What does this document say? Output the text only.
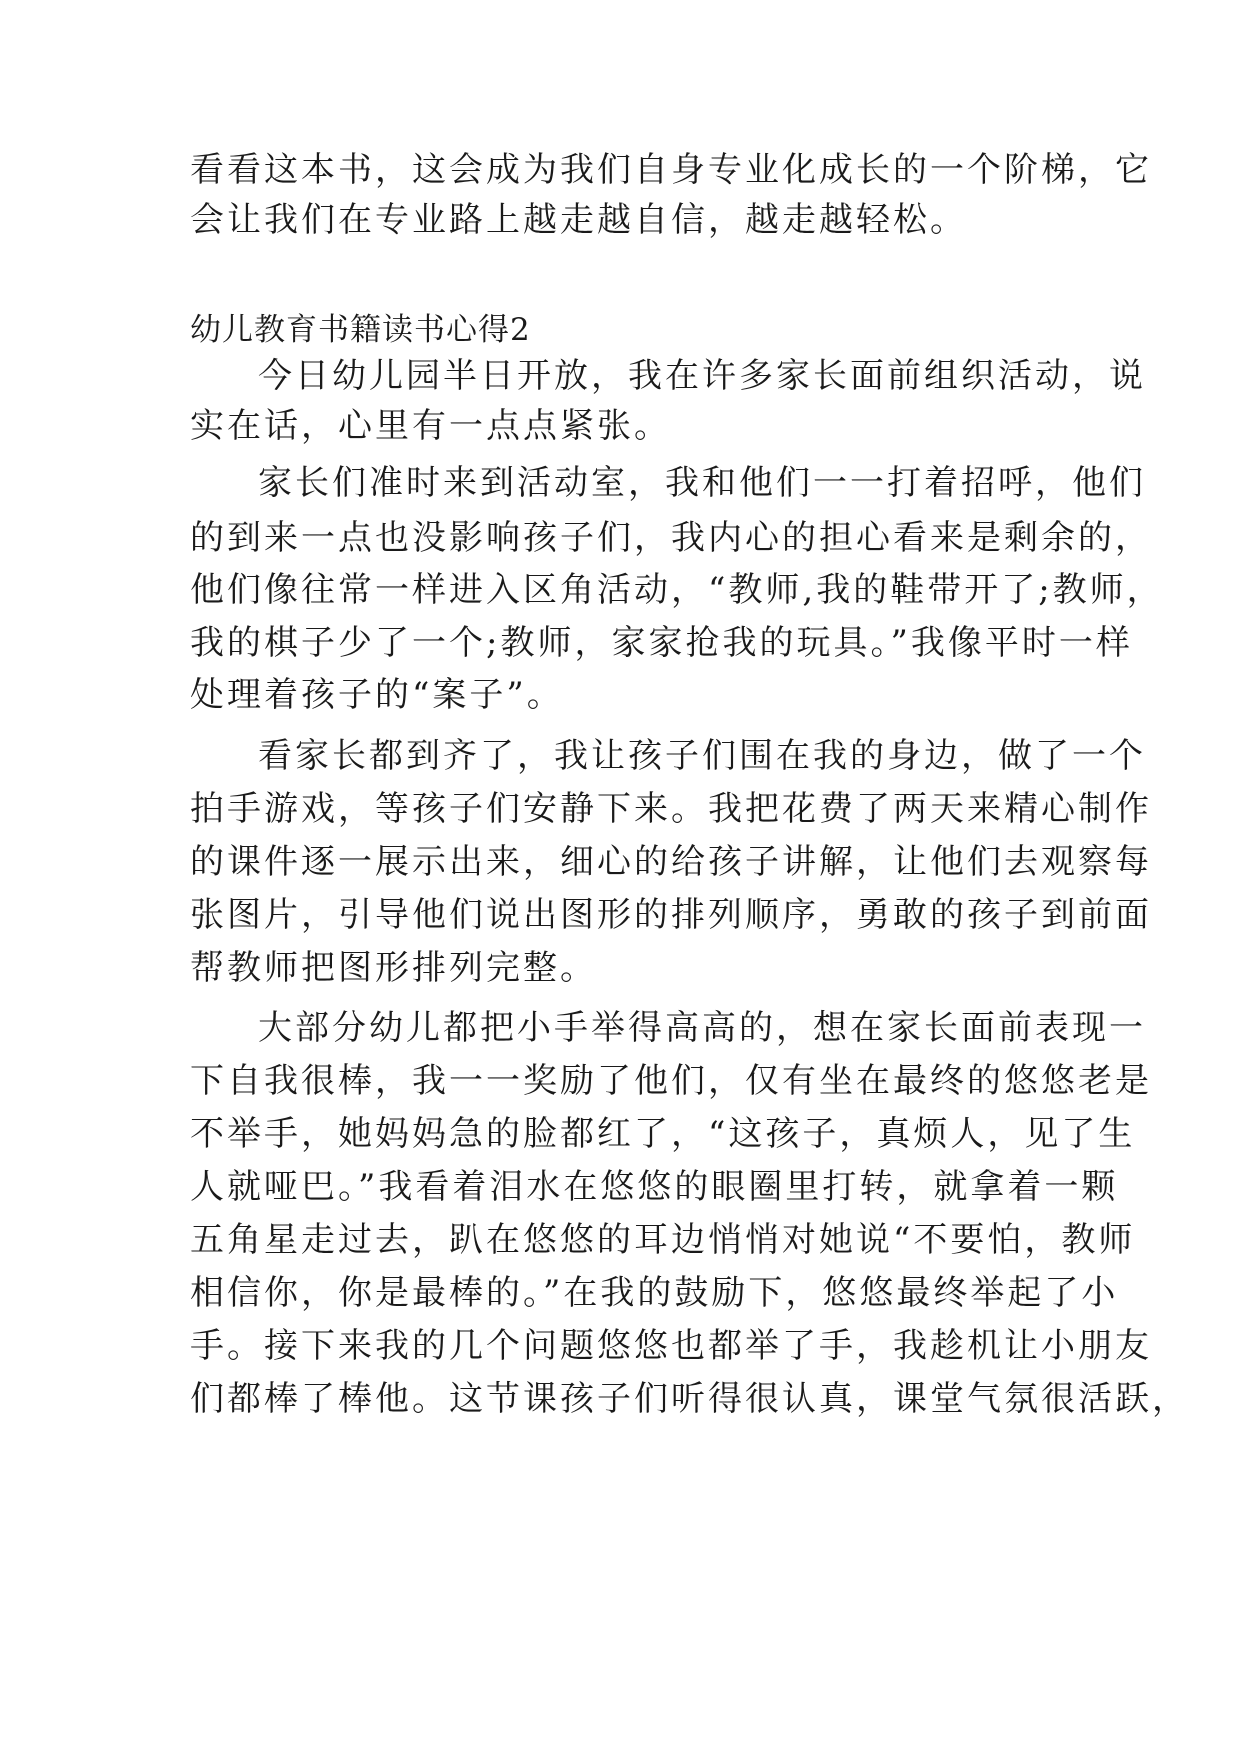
看看这本书，这会成为我们自身专业化成长的一个阶梯，它

会让我们在专业路上越走越自信，越走越轻松。

幼儿教育书籍读书心得2

今日幼儿园半日开放，我在许多家长面前组织活动，说

实在话，心里有一点点紧张。

家长们准时来到活动室，我和他们一一打着招呼，他们

的到来一点也没影响孩子们，我内心的担心看来是剩余的，

他们像往常一样进入区角活动，“教师,我的鞋带开了;教师，

我的棋子少了一个;教师，家家抢我的玩具。”我像平时一样

处理着孩子的“案子”。

看家长都到齐了，我让孩子们围在我的身边，做了一个

拍手游戏，等孩子们安静下来。我把花费了两天来精心制作

的课件逐一展示出来，细心的给孩子讲解，让他们去观察每

张图片，引导他们说出图形的排列顺序，勇敢的孩子到前面

帮教师把图形排列完整。

大部分幼儿都把小手举得高高的，想在家长面前表现一

下自我很棒，我一一奖励了他们，仅有坐在最终的悠悠老是

不举手，她妈妈急的脸都红了，“这孩子，真烦人，见了生

人就哑巴。”我看着泪水在悠悠的眼圈里打转，就拿着一颗

五角星走过去，趴在悠悠的耳边悄悄对她说“不要怕，教师

相信你，你是最棒的。”在我的鼓励下，悠悠最终举起了小

手。接下来我的几个问题悠悠也都举了手，我趁机让小朋友

们都棒了棒他。这节课孩子们听得很认真，课堂气氛很活跃，
